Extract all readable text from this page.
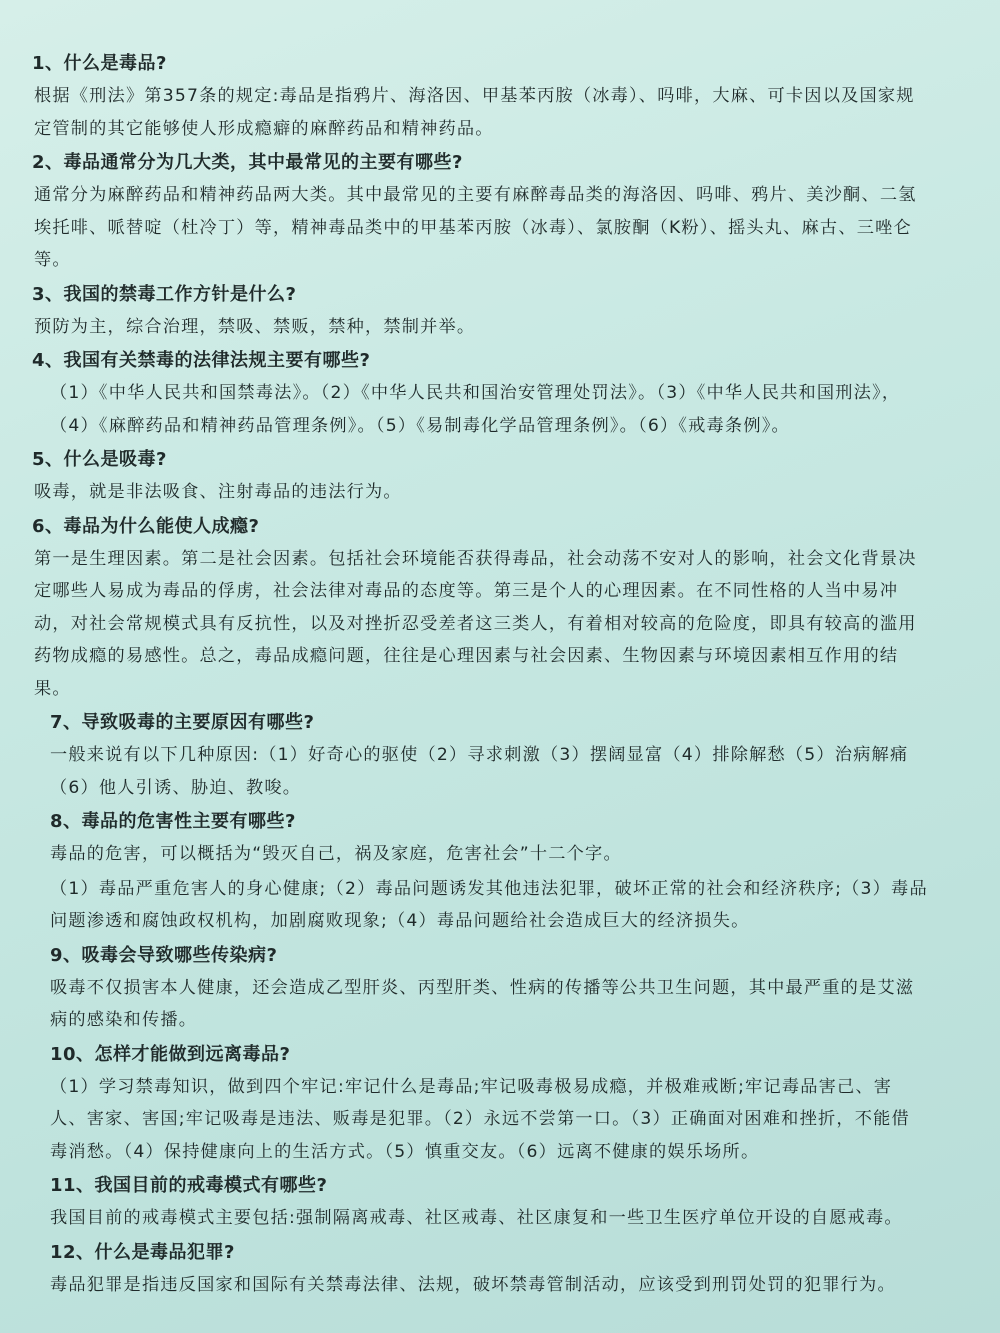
1、什么是毒品?

根据《刑法》第357条的规定:毒品是指鸦片、海洛因、甲基苯丙胺（冰毒）、吗啡，大麻、可卡因以及国家规定管制的其它能够使人形成瘾癖的麻醉药品和精神药品。

2、毒品通常分为几大类，其中最常见的主要有哪些?

通常分为麻醉药品和精神药品两大类。其中最常见的主要有麻醉毒品类的海洛因、吗啡、鸦片、美沙酮、二氢埃托啡、哌替啶（杜冷丁）等，精神毒品类中的甲基苯丙胺（冰毒）、氯胺酮（K粉）、摇头丸、麻古、三唑仑等。

3、我国的禁毒工作方针是什么?

预防为主，综合治理，禁吸、禁贩，禁种，禁制并举。

4、我国有关禁毒的法律法规主要有哪些?

（1）《中华人民共和国禁毒法》。（2）《中华人民共和国治安管理处罚法》。（3）《中华人民共和国刑法》，（4）《麻醉药品和精神药品管理条例》。（5）《易制毒化学品管理条例》。（6）《戒毒条例》。

5、什么是吸毒?

吸毒，就是非法吸食、注射毒品的违法行为。

6、毒品为什么能使人成瘾?

第一是生理因素。第二是社会因素。包括社会环境能否获得毒品，社会动荡不安对人的影响，社会文化背景决定哪些人易成为毒品的俘虏，社会法律对毒品的态度等。第三是个人的心理因素。在不同性格的人当中易冲动，对社会常规模式具有反抗性，以及对挫折忍受差者这三类人，有着相对较高的危险度，即具有较高的滥用药物成瘾的易感性。总之，毒品成瘾问题，往往是心理因素与社会因素、生物因素与环境因素相互作用的结果。

7、导致吸毒的主要原因有哪些?

一般来说有以下几种原因:（1）好奇心的驱使（2）寻求刺激（3）摆阔显富（4）排除解愁（5）治病解痛（6）他人引诱、胁迫、教唆。

8、毒品的危害性主要有哪些?

毒品的危害，可以概括为“毁灭自己，祸及家庭，危害社会”十二个字。

（1）毒品严重危害人的身心健康;（2）毒品问题诱发其他违法犯罪，破坏正常的社会和经济秩序;（3）毒品问题渗透和腐蚀政权机构，加剧腐败现象;（4）毒品问题给社会造成巨大的经济损失。

9、吸毒会导致哪些传染病?

吸毒不仅损害本人健康，还会造成乙型肝炎、丙型肝类、性病的传播等公共卫生问题，其中最严重的是艾滋病的感染和传播。

10、怎样才能做到远离毒品?

（1）学习禁毒知识，做到四个牢记:牢记什么是毒品;牢记吸毒极易成瘾，并极难戒断;牢记毒品害己、害人、害家、害国;牢记吸毒是违法、贩毒是犯罪。（2）永远不尝第一口。（3）正确面对困难和挫折，不能借毒消愁。（4）保持健康向上的生活方式。（5）慎重交友。（6）远离不健康的娱乐场所。

11、我国目前的戒毒模式有哪些?

我国目前的戒毒模式主要包括:强制隔离戒毒、社区戒毒、社区康复和一些卫生医疗单位开设的自愿戒毒。

12、什么是毒品犯罪?

毒品犯罪是指违反国家和国际有关禁毒法律、法规，破坏禁毒管制活动，应该受到刑罚处罚的犯罪行为。
